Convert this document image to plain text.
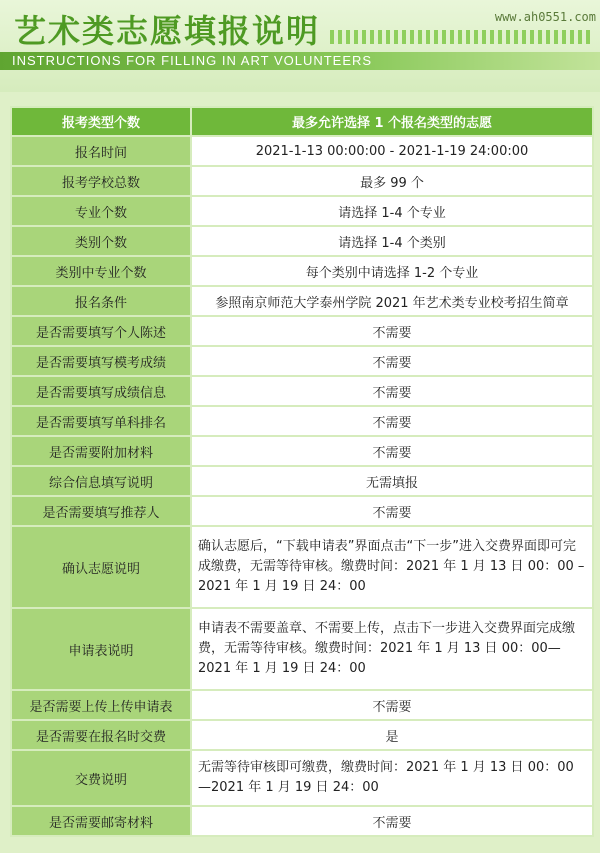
艺术类志愿填报说明	www.ah0551.com
INSTRUCTIONS FOR FILLING IN ART VOLUNTEERS
报考类型个数	最多允许选择 1 个报名类型的志愿
报名时间	2021-1-13 00:00:00 - 2021-1-19 24:00:00
报考学校总数	最多 99 个
专业个数	请选择 1-4 个专业
类别个数	请选择 1-4 个类别
类别中专业个数	每个类别中请选择 1-2 个专业
报名条件	参照南京师范大学泰州学院 2021 年艺术类专业校考招生简章
是否需要填写个人陈述	不需要
是否需要填写模考成绩	不需要
是否需要填写成绩信息	不需要
是否需要填写单科排名	不需要
是否需要附加材料	不需要
综合信息填写说明	无需填报
是否需要填写推荐人	不需要
确认志愿说明	确认志愿后，“下载申请表”界面点击“下一步”进入交费界面即可完成缴费，无需等待审核。缴费时间：2021 年 1 月 13 日 00：00 – 2021 年 1 月 19 日 24：00
申请表说明	申请表不需要盖章、不需要上传，点击下一步进入交费界面完成缴费，无需等待审核。缴费时间：2021 年 1 月 13 日 00：00—2021 年 1 月 19 日 24：00
是否需要上传上传申请表	不需要
是否需要在报名时交费	是
交费说明	无需等待审核即可缴费，缴费时间：2021 年 1 月 13 日 00：00—2021 年 1 月 19 日 24：00
是否需要邮寄材料	不需要
